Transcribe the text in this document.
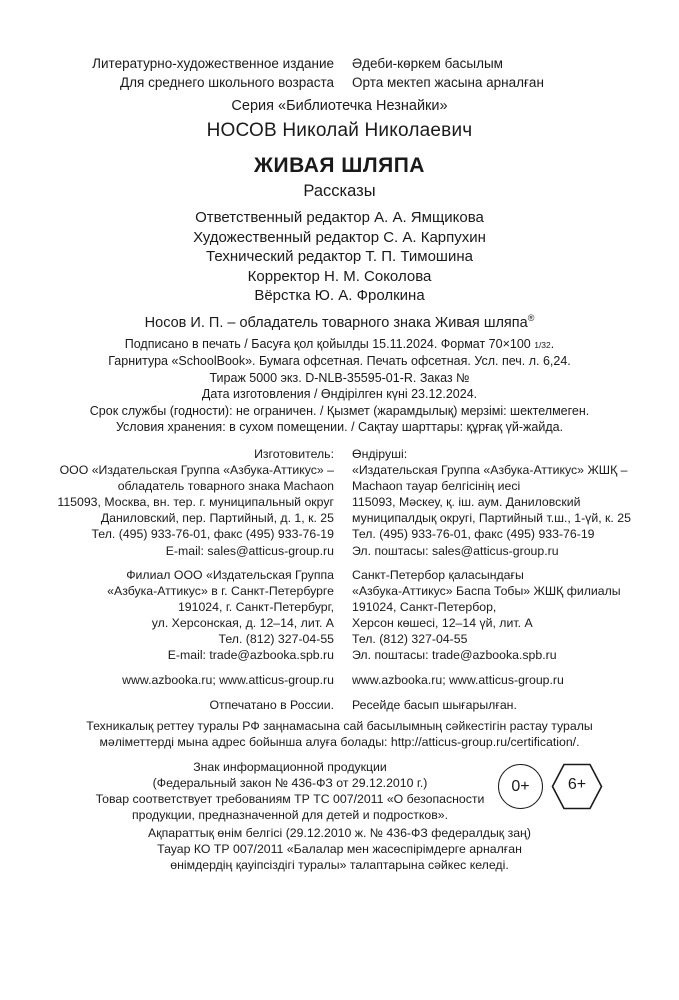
Литературно-художественное издание
Для среднего школьного возраста
Әдеби-көркем басылым
Орта мектеп жасына арналған
Серия «Библиотечка Незнайки»
НОСОВ Николай Николаевич
ЖИВАЯ ШЛЯПА
Рассказы
Ответственный редактор А. А. Ямщикова
Художественный редактор С. А. Карпухин
Технический редактор Т. П. Тимошина
Корректор Н. М. Соколова
Вёрстка Ю. А. Фролкина
Носов И. П. – обладатель товарного знака Живая шляпа®
Подписано в печать / Басуға қол қойылды 15.11.2024. Формат 70×100 1/32.
Гарнитура «SchoolBook». Бумага офсетная. Печать офсетная. Усл. печ. л. 6,24.
Тираж 5000 экз. D-NLB-35595-01-R. Заказ №
Дата изготовления / Өндірілген күні 23.12.2024.
Срок службы (годности): не ограничен. / Қызмет (жарамдылық) мерзімі: шектелмеген.
Условия хранения: в сухом помещении. / Сақтау шарттары: құрғақ үй-жайда.
Изготовитель:
ООО «Издательская Группа «Азбука-Аттикус» –
обладатель товарного знака Machaon
115093, Москва, вн. тер. г. муниципальный округ
Даниловский, пер. Партийный, д. 1, к. 25
Тел. (495) 933-76-01, факс (495) 933-76-19
E-mail: sales@atticus-group.ru
Өндіруші:
«Издательская Группа «Азбука-Аттикус» ЖШҚ –
Machaon тауар белгісінің иесі
115093, Мәскеу, қ. іш. аум. Даниловский
муниципалдық округі, Партийный т.ш., 1-үй, к. 25
Тел. (495) 933-76-01, факс (495) 933-76-19
Эл. поштасы: sales@atticus-group.ru
Филиал ООО «Издательская Группа
«Азбука-Аттикус» в г. Санкт-Петербурге
191024, г. Санкт-Петербург,
ул. Херсонская, д. 12–14, лит. А
Тел. (812) 327-04-55
E-mail: trade@azbooka.spb.ru
Санкт-Петербор қаласындағы
«Азбука-Аттикус» Баспа Тобы» ЖШҚ филиалы
191024, Санкт-Петербор,
Херсон көшесі, 12–14 үй, лит. А
Тел. (812) 327-04-55
Эл. поштасы: trade@azbooka.spb.ru
www.azbooka.ru; www.atticus-group.ru www.azbooka.ru; www.atticus-group.ru
Отпечатано в России. Ресейде басып шығарылған.
Техникалық реттеу туралы РФ заңнамасына сай басылымның сәйкестігін растау туралы
мәліметтерді мына адрес бойынша алуға болады: http://atticus-group.ru/certification/.
Знак информационной продукции
(Федеральный закон № 436-ФЗ от 29.12.2010 г.)
Товар соответствует требованиям ТР ТС 007/2011 «О безопасности
продукции, предназначенной для детей и подростков».
0+	6+
Ақпараттық өнім белгісі (29.12.2010 ж. № 436-ФЗ федералдық заң)
Тауар КО ТР 007/2011 «Балалар мен жасөспірімдерге арналған
өнімдердің қауіпсіздігі туралы» талаптарына сәйкес келеді.
